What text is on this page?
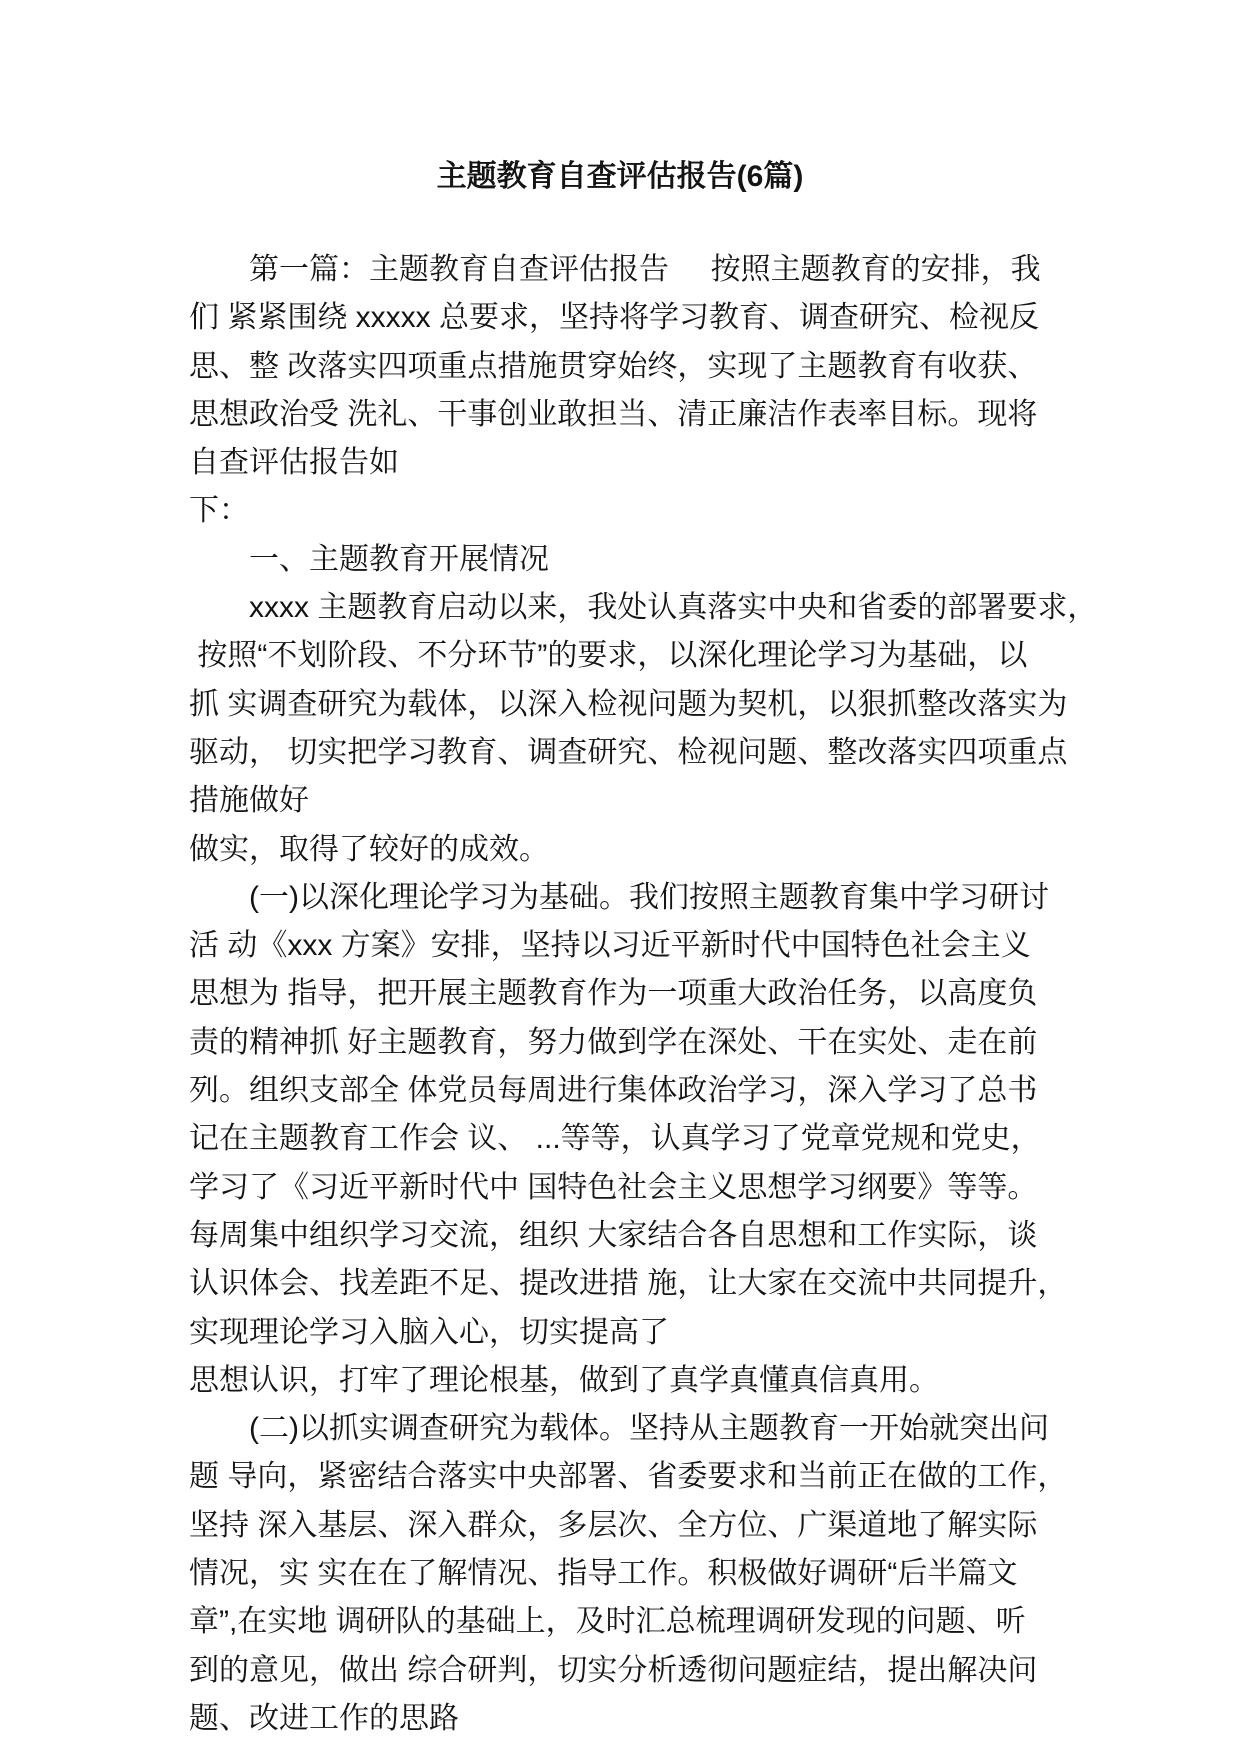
主题教育自查评估报告(6篇)
第一篇：主题教育自查评估报告     按照主题教育的安排，我
们 紧紧围绕 xxxxx 总要求，坚持将学习教育、调查研究、检视反
思、整 改落实四项重点措施贯穿始终，实现了主题教育有收获、
思想政治受 洗礼、干事创业敢担当、清正廉洁作表率目标。现将
自查评估报告如
下：
一、主题教育开展情况
xxxx 主题教育启动以来，我处认真落实中央和省委的部署要求，
按照“不划阶段、不分环节”的要求，以深化理论学习为基础，以
抓 实调查研究为载体，以深入检视问题为契机，以狠抓整改落实为
驱动， 切实把学习教育、调查研究、检视问题、整改落实四项重点
措施做好
做实，取得了较好的成效。
(一)以深化理论学习为基础。我们按照主题教育集中学习研讨
活 动《xxx 方案》安排，坚持以习近平新时代中国特色社会主义
思想为 指导，把开展主题教育作为一项重大政治任务，以高度负
责的精神抓 好主题教育，努力做到学在深处、干在实处、走在前
列。组织支部全 体党员每周进行集体政治学习，深入学习了总书
记在主题教育工作会 议、 ...等等，认真学习了党章党规和党史，
学习了《习近平新时代中 国特色社会主义思想学习纲要》等等。
每周集中组织学习交流，组织 大家结合各自思想和工作实际，谈
认识体会、找差距不足、提改进措 施，让大家在交流中共同提升，
实现理论学习入脑入心，切实提高了
思想认识，打牢了理论根基，做到了真学真懂真信真用。
(二)以抓实调查研究为载体。坚持从主题教育一开始就突出问
题 导向，紧密结合落实中央部署、省委要求和当前正在做的工作，
坚持 深入基层、深入群众，多层次、全方位、广渠道地了解实际
情况，实 实在在了解情况、指导工作。积极做好调研“后半篇文
章”,在实地 调研队的基础上，及时汇总梳理调研发现的问题、听
到的意见，做出 综合研判，切实分析透彻问题症结，提出解决问
题、改进工作的思路
